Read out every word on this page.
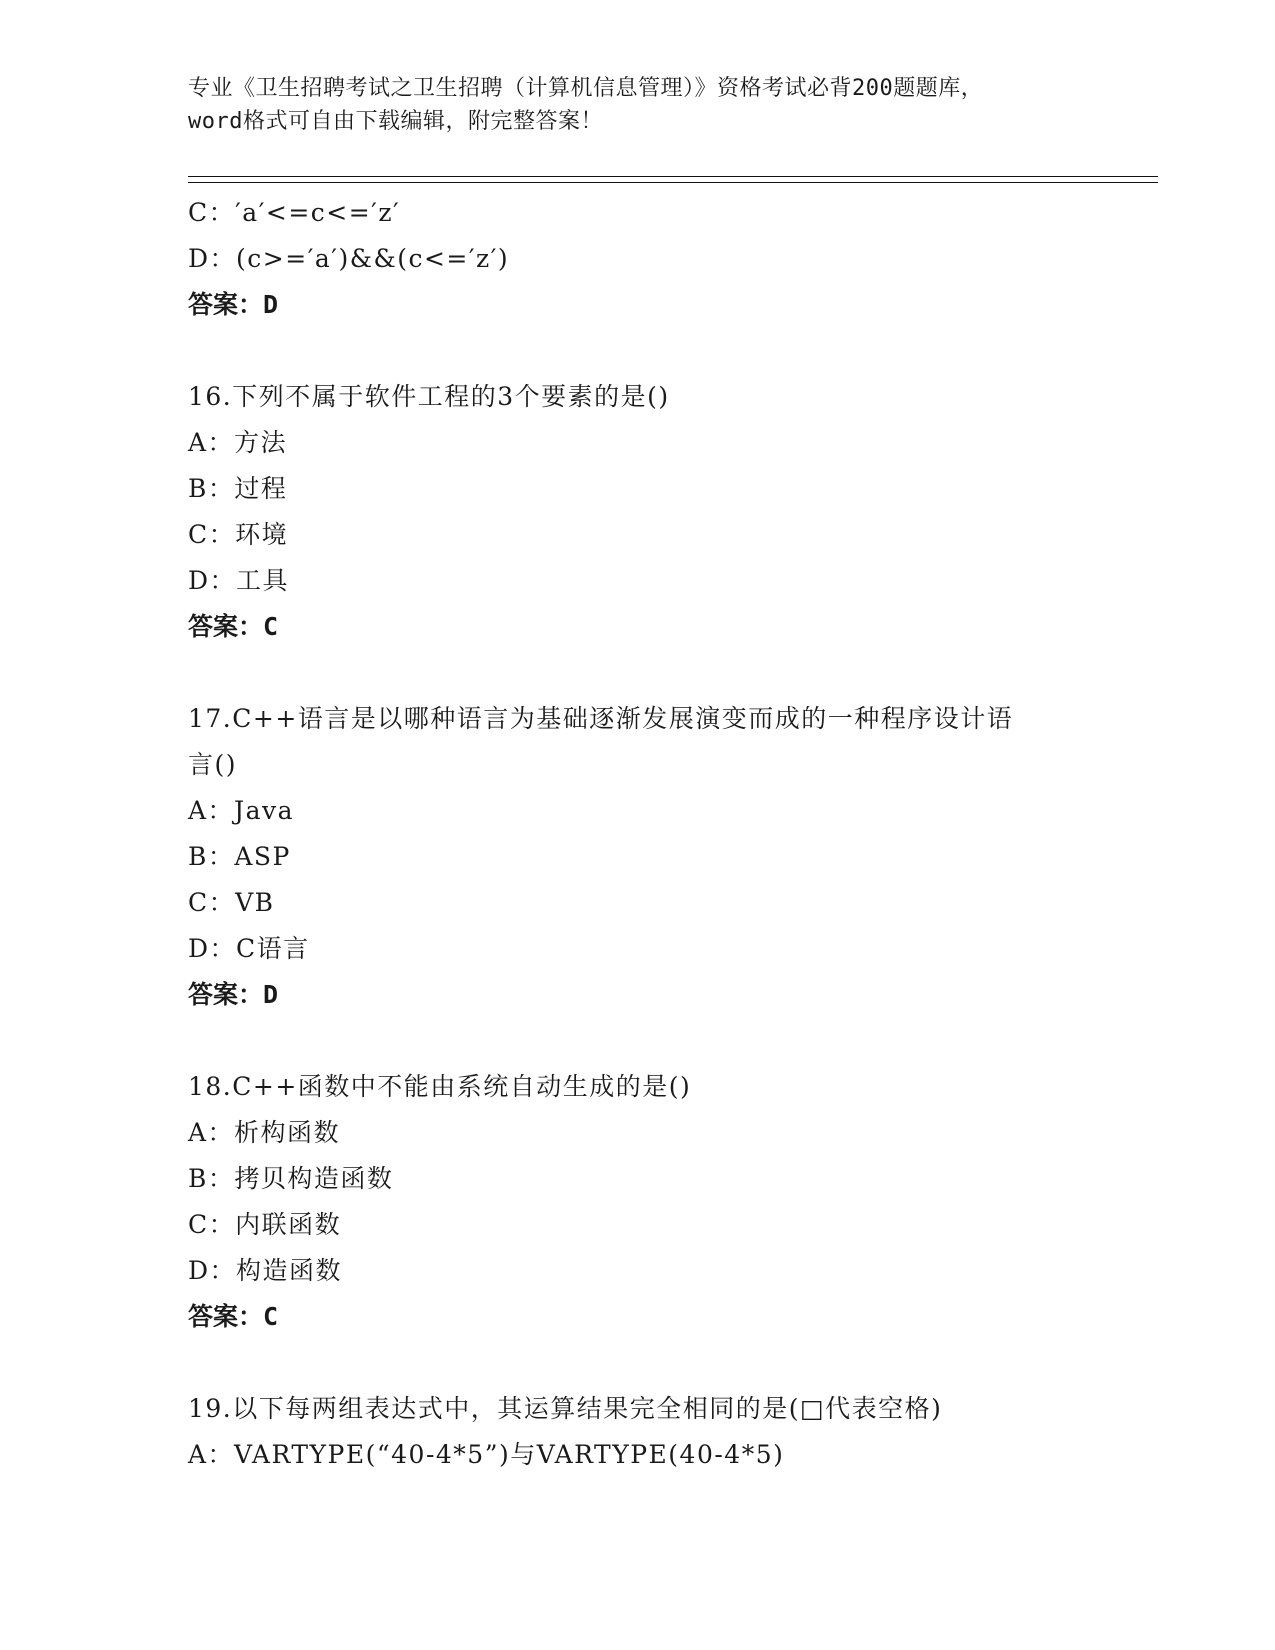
专业《卫生招聘考试之卫生招聘（计算机信息管理）》资格考试必背200题题库，
word格式可自由下载编辑，附完整答案！
C：′a′<=c<=′z′
D：(c>=′a′)&&(c<=′z′)
答案：D
16.下列不属于软件工程的3个要素的是()
A：方法
B：过程
C：环境
D：工具
答案：C
17.C++语言是以哪种语言为基础逐渐发展演变而成的一种程序设计语
言()
A：Java
B：ASP
C：VB
D：C语言
答案：D
18.C++函数中不能由系统自动生成的是()
A：析构函数
B：拷贝构造函数
C：内联函数
D：构造函数
答案：C
19.以下每两组表达式中，其运算结果完全相同的是(□代表空格)
A：VARTYPE(“40-4*5”)与VARTYPE(40-4*5)
